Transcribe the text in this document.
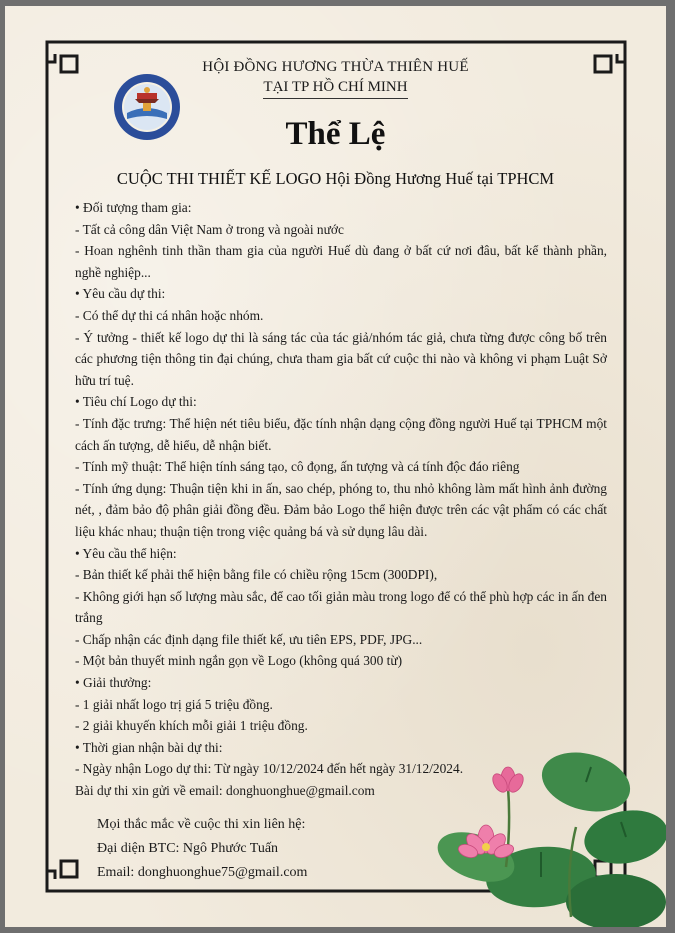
HỘI ĐỒNG HƯƠNG THỪA THIÊN HUẾ
TẠI TP HỒ CHÍ MINH
Thể Lệ
CUỘC THI THIẾT KẾ LOGO Hội Đồng Hương Huế tại TPHCM

• Đối tượng tham gia:

- Tất cả công dân Việt Nam ở trong và ngoài nước

- Hoan nghênh tinh thần tham gia của người Huế dù đang ở bất cứ nơi đâu, bất kể thành phần, nghề nghiệp...

• Yêu cầu dự thi:

- Có thể dự thi cá nhân hoặc nhóm.

- Ý tưởng - thiết kế logo dự thi là sáng tác của tác giả/nhóm tác giả, chưa từng được công bố trên các phương tiện thông tin đại chúng, chưa tham gia bất cứ cuộc thi nào và không vi phạm Luật Sở hữu trí tuệ.

• Tiêu chí Logo dự thi:

- Tính đặc trưng: Thể hiện nét tiêu biểu, đặc tính nhận dạng cộng đồng người Huế tại TPHCM một cách ấn tượng, dễ hiểu, dễ nhận biết.

- Tính mỹ thuật: Thể hiện tính sáng tạo, cô đọng, ấn tượng và cá tính độc đáo riêng

- Tính ứng dụng: Thuận tiện khi in ấn, sao chép, phóng to, thu nhỏ không làm mất hình ảnh đường nét, , đảm bảo độ phân giải đồng đều. Đảm bảo Logo thể hiện được trên các vật phẩm có các chất liệu khác nhau; thuận tiện trong việc quảng bá và sử dụng lâu dài.

• Yêu cầu thể hiện:

- Bản thiết kế phải thể hiện bằng file có chiều rộng 15cm (300DPI),

- Không giới hạn số lượng màu sắc, để cao tối giản màu trong logo để có thể phù hợp các in ấn đen trắng

- Chấp nhận các định dạng file thiết kế, ưu tiên EPS, PDF, JPG...

- Một bản thuyết minh ngắn gọn về Logo (không quá 300 từ)

• Giải thưởng:

- 1 giải nhất logo trị giá 5 triệu đồng.

- 2 giải khuyến khích mỗi giải 1 triệu đồng.

• Thời gian nhận bài dự thi:

- Ngày nhận Logo dự thi: Từ ngày 10/12/2024 đến hết ngày 31/12/2024.

Bài dự thi xin gửi về email: donghuonghue@gmail.com

Mọi thắc mắc về cuộc thi xin liên hệ:

Đại diện BTC: Ngô Phước Tuấn

Email: donghuonghue75@gmail.com
